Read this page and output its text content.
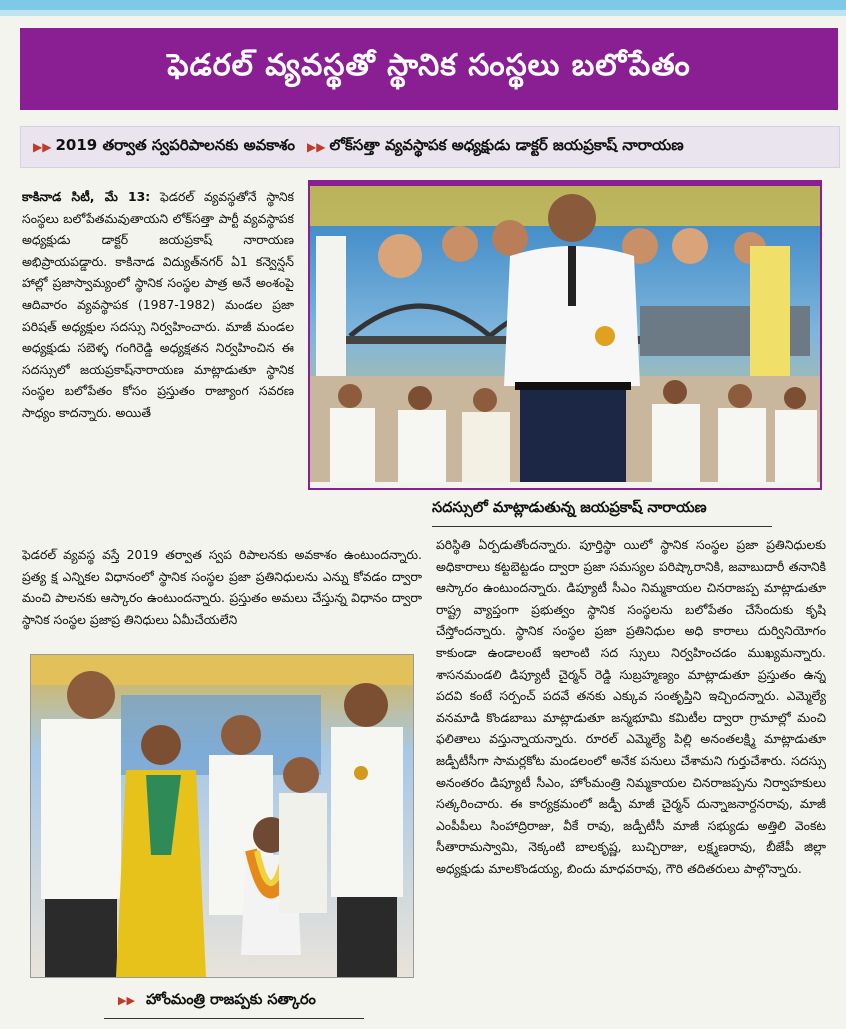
ఫెడరల్ వ్యవస్థతో స్థానిక సంస్థలు బలోపేతం
▶▶ 2019 తర్వాత స్వపరిపాలనకు అవకాశం ▶▶ లోక్‌సత్తా వ్యవస్థాపక అధ్యక్షుడు డాక్టర్ జయప్రకాష్ నారాయణ

కాకినాడ సిటీ, మే 13: ఫెడరల్ వ్యవస్థతోనే స్థానిక సంస్థలు బలోపేతమవుతాయని లోక్‌సత్తా పార్టీ వ్యవస్థాపక అధ్యక్షుడు డాక్టర్ జయప్రకాష్ నారాయణ అభిప్రాయపడ్డారు. కాకినాడ విద్యుత్‌నగర్ ఏ1 కన్వెన్షన్ హాల్లో ప్రజాస్వామ్యంలో స్థానిక సంస్థల పాత్ర అనే అంశంపై ఆదివారం వ్యవస్థాపక (1987-1982) మండల ప్రజా పరిషత్ అధ్యక్షుల సదస్సు నిర్వహించారు. మాజీ మండల అధ్యక్షుడు సబెళ్ళ గంగిరెడ్డి అధ్యక్షతన నిర్వహించిన ఈ సదస్సులో జయప్రకాష్‌నారాయణ మాట్లాడుతూ స్థానిక సంస్థల బలోపేతం కోసం ప్రస్తుతం రాజ్యాంగ సవరణ సాధ్యం కాదన్నారు. అయితే

ఫెడరల్ వ్యవస్థ వస్తే 2019 తర్వాత స్వప రిపాలనకు అవకాశం ఉంటుందన్నారు. ప్రత్య క్ష ఎన్నికల విధానంలో స్థానిక సంస్థల ప్రజా ప్రతినిధులను ఎన్ను కోవడం ద్వారా మంచి పాలనకు ఆస్కారం ఉంటుందన్నారు. ప్రస్తుతం అమలు చేస్తున్న విధానం ద్వారా స్థానిక సంస్థల ప్రజాప్ర తినిధులు ఏమీచేయలేని

సదస్సులో మాట్లాడుతున్న జయప్రకాష్ నారాయణ

పరిస్థితి ఏర్పడుతోందన్నారు. పూర్తిస్థా యిలో స్థానిక సంస్థల ప్రజా ప్రతినిధులకు అధికారాలు కట్టబెట్టడం ద్వారా ప్రజా సమస్యల పరిష్కారానికి, జవాబుదారీ తనానికి ఆస్కారం ఉంటుందన్నారు. డిప్యూటీ సీఎం నిమ్మకాయల చినరాజప్ప మాట్లాడుతూ రాష్ట్ర వ్యాప్తంగా ప్రభుత్వం స్థానిక సంస్థలను బలోపేతం చేసేందుకు కృషి చేస్తోందన్నారు. స్థానిక సంస్థల ప్రజా ప్రతినిధుల అధి కారాలు దుర్వినియోగం కాకుండా ఉండాలంటే ఇలాంటి సద స్సులు నిర్వహించడం ముఖ్యమన్నారు. శాసనమండలి డిప్యూటీ చైర్మన్ రెడ్డి సుబ్రహ్మణ్యం మాట్లాడుతూ ప్రస్తుతం ఉన్న పదవి కంటే సర్పంచ్ పదవే తనకు ఎక్కువ సంతృప్తిని ఇచ్చిందన్నారు. ఎమ్మెల్యే వనమాడి కొండబాబు మాట్లాడుతూ జన్మభూమి కమిటీల ద్వారా గ్రామాల్లో మంచి ఫలితాలు వస్తున్నాయన్నారు. రూరల్ ఎమ్మెల్యే పిల్లి అనంతలక్ష్మి మాట్లాడుతూ జడ్పీటీసీగా సామర్లకోట మండలంలో అనేక పనులు చేశామని గుర్తుచేశారు. సదస్సు అనంతరం డిప్యూటీ సీఎం, హోంమంత్రి నిమ్మకాయల చినరాజప్పను నిర్వాహకులు సత్కరించారు. ఈ కార్యక్రమంలో జడ్పీ మాజీ చైర్మన్ దున్నాజనార్దనరావు, మాజీ ఎంపీపీలు సింహాద్రిరాజు, వీకే రావు, జడ్పీటీసీ మాజీ సభ్యుడు అత్తిలి వెంకట సీతారామస్వామి, నెక్కంటి బాలకృష్ణ, బుచ్చిరాజు, లక్ష్మణరావు, బీజేపీ జిల్లా అధ్యక్షుడు మాలకొండయ్య, బిందు మాధవరావు, గౌరి తదితరులు పాల్గొన్నారు.

▶▶ హోంమంత్రి రాజప్పకు సత్కారం
